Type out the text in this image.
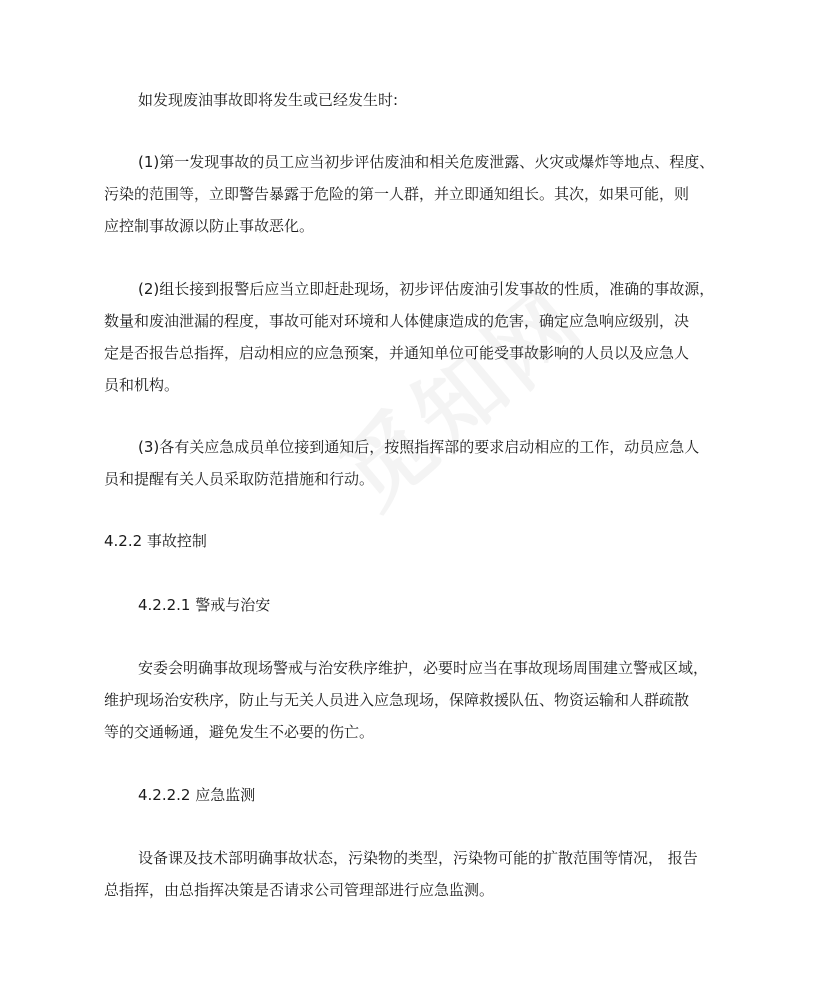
如发现废油事故即将发生或已经发生时:
(1)第一发现事故的员工应当初步评估废油和相关危废泄露、火灾或爆炸等地点、程度、
污染的范围等，立即警告暴露于危险的第一人群，并立即通知组长。其次，如果可能，则
应控制事故源以防止事故恶化。
(2)组长接到报警后应当立即赶赴现场，初步评估废油引发事故的性质，准确的事故源，
数量和废油泄漏的程度，事故可能对环境和人体健康造成的危害，确定应急响应级别，决
定是否报告总指挥，启动相应的应急预案，并通知单位可能受事故影响的人员以及应急人
员和机构。
(3)各有关应急成员单位接到通知后，按照指挥部的要求启动相应的工作，动员应急人
员和提醒有关人员采取防范措施和行动。
4.2.2 事故控制
4.2.2.1 警戒与治安
安委会明确事故现场警戒与治安秩序维护，必要时应当在事故现场周围建立警戒区域，
维护现场治安秩序，防止与无关人员进入应急现场，保障救援队伍、物资运输和人群疏散
等的交通畅通，避免发生不必要的伤亡。
4.2.2.2 应急监测
设备课及技术部明确事故状态，污染物的类型，污染物可能的扩散范围等情况， 报告
总指挥，由总指挥决策是否请求公司管理部进行应急监测。
